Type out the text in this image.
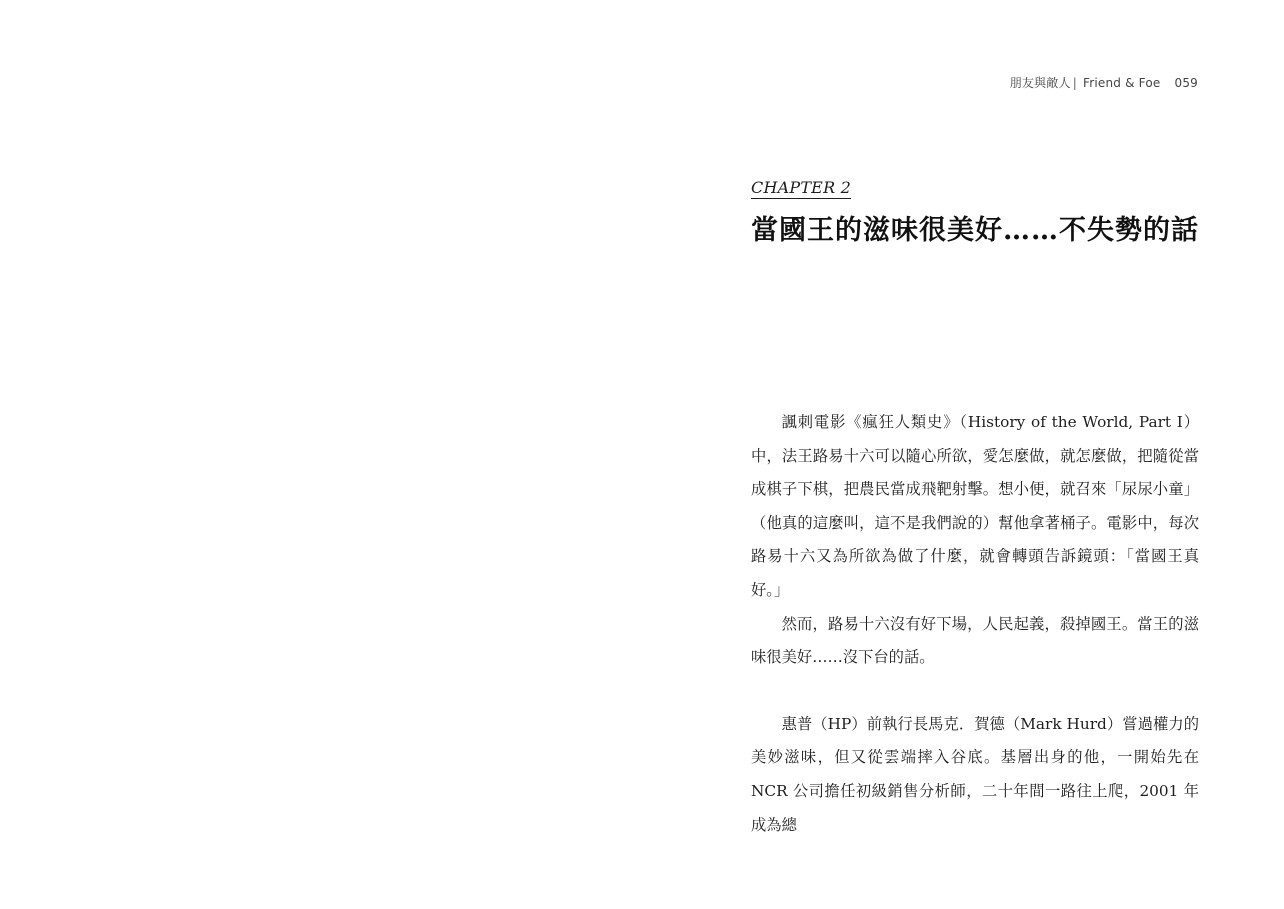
朋友與敵人 | Friend & Foe 059
CHAPTER 2
當國王的滋味很美好……不失勢的話

諷刺電影《瘋狂人類史》（History of the World, Part I）中，法王路易十六可以隨心所欲，愛怎麼做，就怎麼做，把隨從當成棋子下棋，把農民當成飛靶射擊。想小便，就召來「尿尿小童」（他真的這麼叫，這不是我們說的）幫他拿著桶子。電影中，每次路易十六又為所欲為做了什麼，就會轉頭告訴鏡頭：「當國王真好。」

然而，路易十六沒有好下場，人民起義，殺掉國王。當王的滋味很美好……沒下台的話。

惠普（HP）前執行長馬克．賀德（Mark Hurd）嘗過權力的美妙滋味，但又從雲端摔入谷底。基層出身的他，一開始先在 NCR 公司擔任初級銷售分析師，二十年間一路往上爬，2001 年成為總
